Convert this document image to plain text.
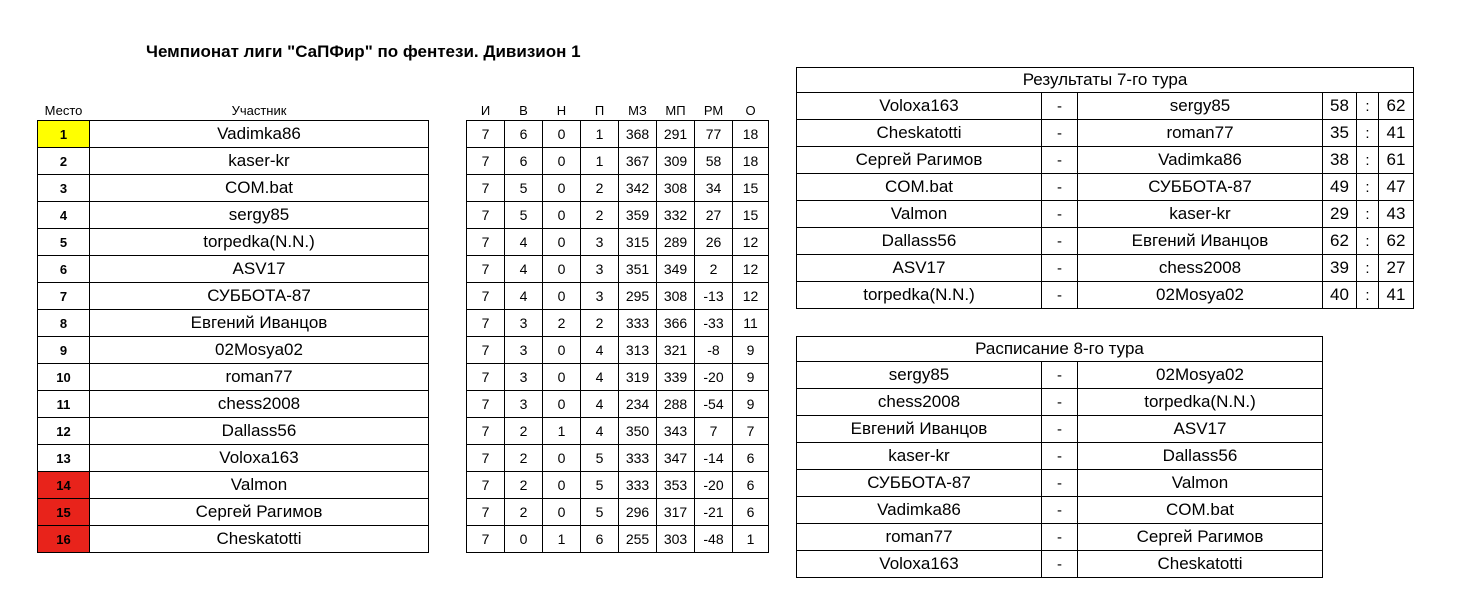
Чемпионат лиги "СаПФир" по фентези. Дивизион 1
Место	Участник		И	В	Н	П	МЗ	МП	РМ	О
1	Vadimka86		7	6	0	1	368	291	77	18
2	kaser-kr		7	6	0	1	367	309	58	18
3	COM.bat		7	5	0	2	342	308	34	15
4	sergy85		7	5	0	2	359	332	27	15
5	torpedka(N.N.)		7	4	0	3	315	289	26	12
6	ASV17		7	4	0	3	351	349	2	12
7	СУББОТА-87		7	4	0	3	295	308	-13	12
8	Евгений Иванцов		7	3	2	2	333	366	-33	11
9	02Mosya02		7	3	0	4	313	321	-8	9
10	roman77		7	3	0	4	319	339	-20	9
11	chess2008		7	3	0	4	234	288	-54	9
12	Dallass56		7	2	1	4	350	343	7	7
13	Voloxa163		7	2	0	5	333	347	-14	6
14	Valmon		7	2	0	5	333	353	-20	6
15	Сергей Рагимов		7	2	0	5	296	317	-21	6
16	Cheskatotti		7	0	1	6	255	303	-48	1
Результаты 7-го тура					
Voloxa163	-	sergy85	58	:	62
Cheskatotti	-	roman77	35	:	41
Сергей Рагимов	-	Vadimka86	38	:	61
COM.bat	-	СУББОТА-87	49	:	47
Valmon	-	kaser-kr	29	:	43
Dallass56	-	Евгений Иванцов	62	:	62
ASV17	-	chess2008	39	:	27
torpedka(N.N.)	-	02Mosya02	40	:	41
Расписание 8-го тура		
sergy85	-	02Mosya02
chess2008	-	torpedka(N.N.)
Евгений Иванцов	-	ASV17
kaser-kr	-	Dallass56
СУББОТА-87	-	Valmon
Vadimka86	-	COM.bat
roman77	-	Сергей Рагимов
Voloxa163	-	Cheskatotti
